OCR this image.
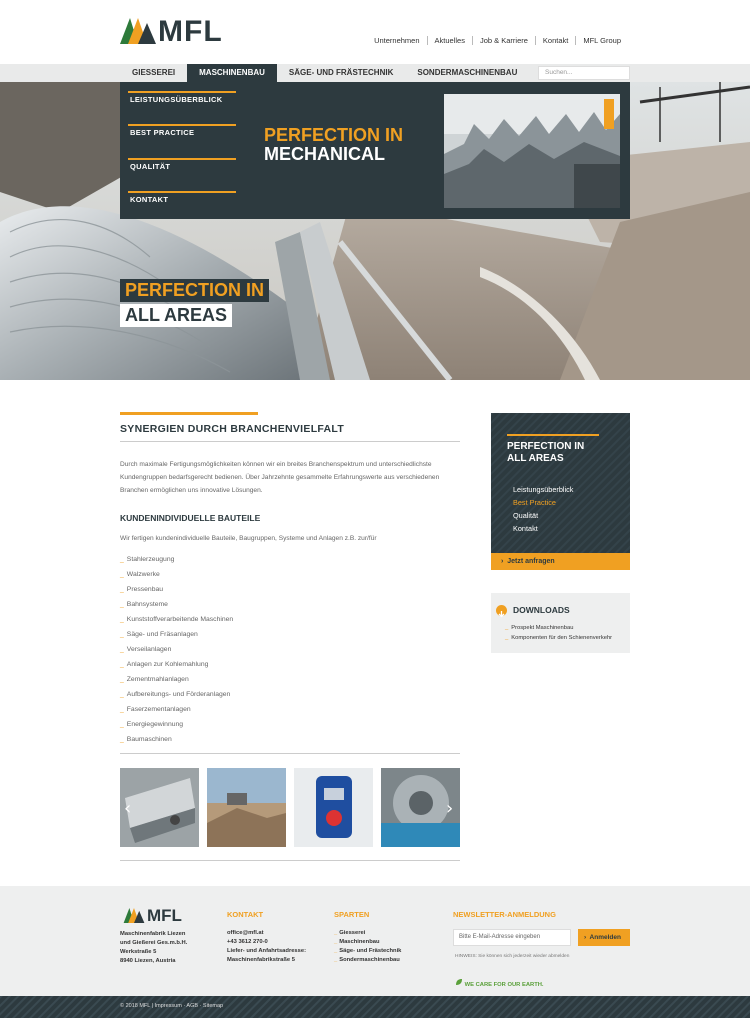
MFL	Unternehmen	Aktuelles	Job & Karriere	Kontakt	MFL Group
GIESSEREI	MASCHINENBAU	SÄGE- UND FRÄSTECHNIK	SONDERMASCHINENBAU	Suchen...
LEISTUNGSÜBERBLICK
BEST PRACTICE
QUALITÄT
KONTAKT
PERFECTION IN
MECHANICAL
PERFECTION IN
ALL AREAS
SYNERGIEN DURCH BRANCHENVIELFALT
Durch maximale Fertigungsmöglichkeiten können wir ein breites Branchenspektrum und unterschiedlichste Kundengruppen bedarfsgerecht bedienen. Über Jahrzehnte gesammelte Erfahrungswerte aus verschiedenen Branchen ermöglichen uns innovative Lösungen.
KUNDENINDIVIDUELLE BAUTEILE
Wir fertigen kundenindividuelle Bauteile, Baugruppen, Systeme und Anlagen z.B. zur/für
_ Stahlerzeugung
_ Walzwerke
_ Pressenbau
_ Bahnsysteme
_ Kunststoffverarbeitende Maschinen
_ Säge- und Fräsanlagen
_ Verseilanlagen
_ Anlagen zur Kohlemahlung
_ Zementmahlanlagen
_ Aufbereitungs- und Förderanlagen
_ Faserzementanlagen
_ Energiegewinnung
_ Baumaschinen
‹	›
PERFECTION IN
ALL AREAS
Leistungsüberblick
Best Practice
Qualität
Kontakt
› Jetzt anfragen
DOWNLOADS
_ Prospekt Maschinenbau
_ Komponenten für den Schienenverkehr
MFL
Maschinenfabrik Liezen
und Gießerei Ges.m.b.H.
Werkstraße 5
8940 Liezen, Austria
KONTAKT
office@mfl.at
+43 3612 270-0
Liefer- und Anfahrtsadresse:
Maschinenfabrikstraße 5
SPARTEN
_ Giesserei
_ Maschinenbau
_ Säge- und Frästechnik
_ Sondermaschinenbau
NEWSLETTER-ANMELDUNG
Bitte E-Mail-Adresse eingeben	› Anmelden
HINWEIS: Sie können sich jederzeit wieder abmelden
WE CARE FOR OUR EARTH.
© 2018 MFL | Impressum · AGB · Sitemap
